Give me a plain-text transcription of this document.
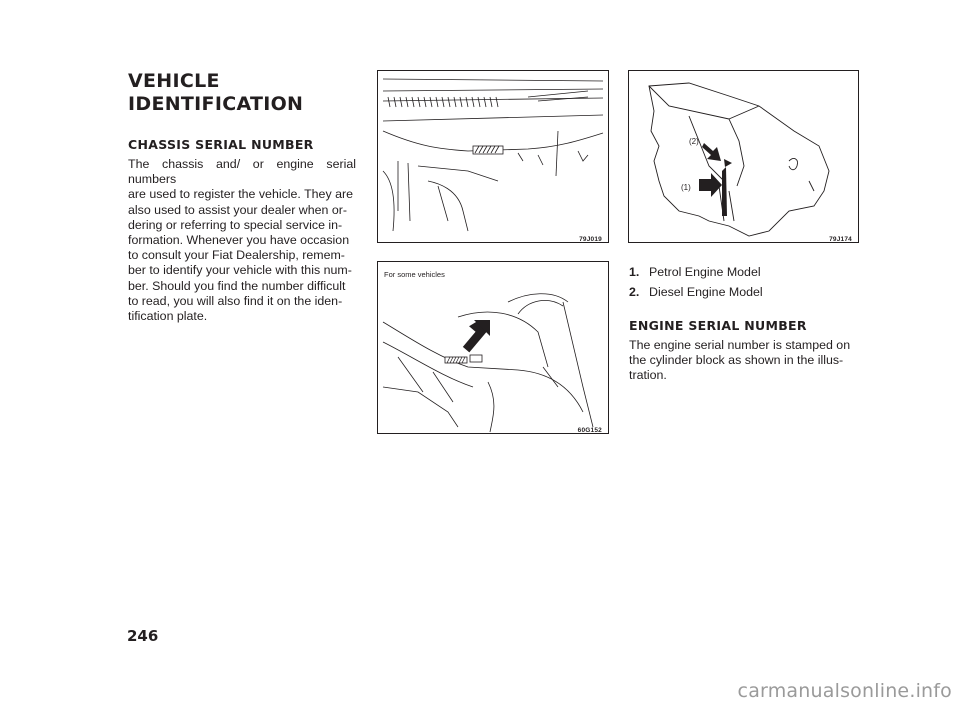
VEHICLE
IDENTIFICATION
CHASSIS SERIAL NUMBER
The chassis and/ or engine serial numbers
are used to register the vehicle. They are
also used to assist your dealer when or-
dering or referring to special service in-
formation. Whenever you have occasion
to consult your Fiat Dealership, remem-
ber to identify your vehicle with this num-
ber. Should you find the number difficult
to read, you will also find it on the iden-
tification plate.
79J019
For some vehicles
60G152
(1)
(2)
79J174
1. Petrol Engine Model
2. Diesel Engine Model
ENGINE SERIAL NUMBER
The engine serial number is stamped on
the cylinder block as shown in the illus-
tration.
246
carmanualsonline.info
